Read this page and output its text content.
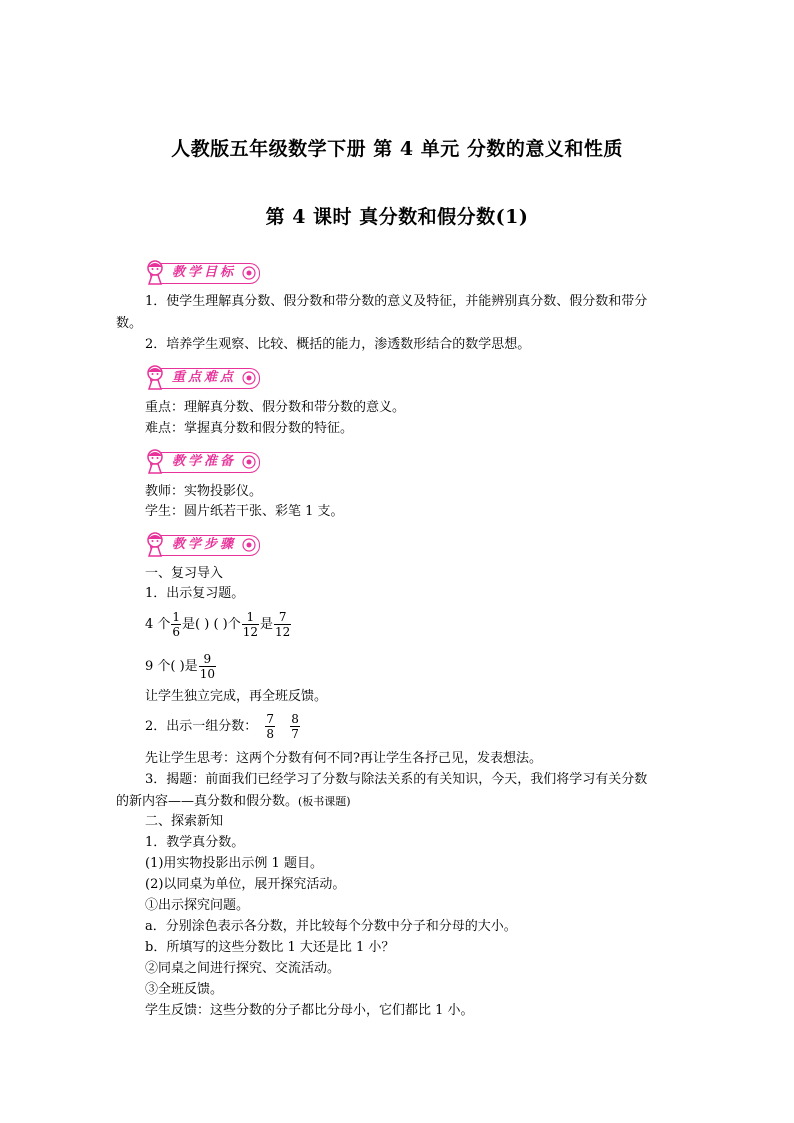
人教版五年级数学下册 第 4 单元 分数的意义和性质
第 4 课时 真分数和假分数(1)
教学目标
1．使学生理解真分数、假分数和带分数的意义及特征，并能辨别真分数、假分数和带分
数。
2．培养学生观察、比较、概括的能力，渗透数形结合的数学思想。
重点难点
重点：理解真分数、假分数和带分数的意义。
难点：掌握真分数和假分数的特征。
教学准备
教师：实物投影仪。
学生：圆片纸若干张、彩笔 1 支。
教学步骤
一、复习导入
1．出示复习题。
4 个 $\frac{1}{6}$ 是( ) ( )个 $\frac{1}{12}$ 是 $\frac{7}{12}$
9 个( )是 $\frac{9}{10}$
让学生独立完成，再全班反馈。
2．出示一组分数： $\frac{7}{8}$
$\frac{8}{7}$
先让学生思考：这两个分数有何不同?再让学生各抒己见，发表想法。
3．揭题：前面我们已经学习了分数与除法关系的有关知识，今天，我们将学习有关分数
的新内容——真分数和假分数。(板书课题)
二、探索新知
1．教学真分数。
(1)用实物投影出示例 1 题目。
(2)以同桌为单位，展开探究活动。
①出示探究问题。
a．分别涂色表示各分数，并比较每个分数中分子和分母的大小。
b．所填写的这些分数比 1 大还是比 1 小？
②同桌之间进行探究、交流活动。
③全班反馈。
学生反馈：这些分数的分子都比分母小，它们都比 1 小。
